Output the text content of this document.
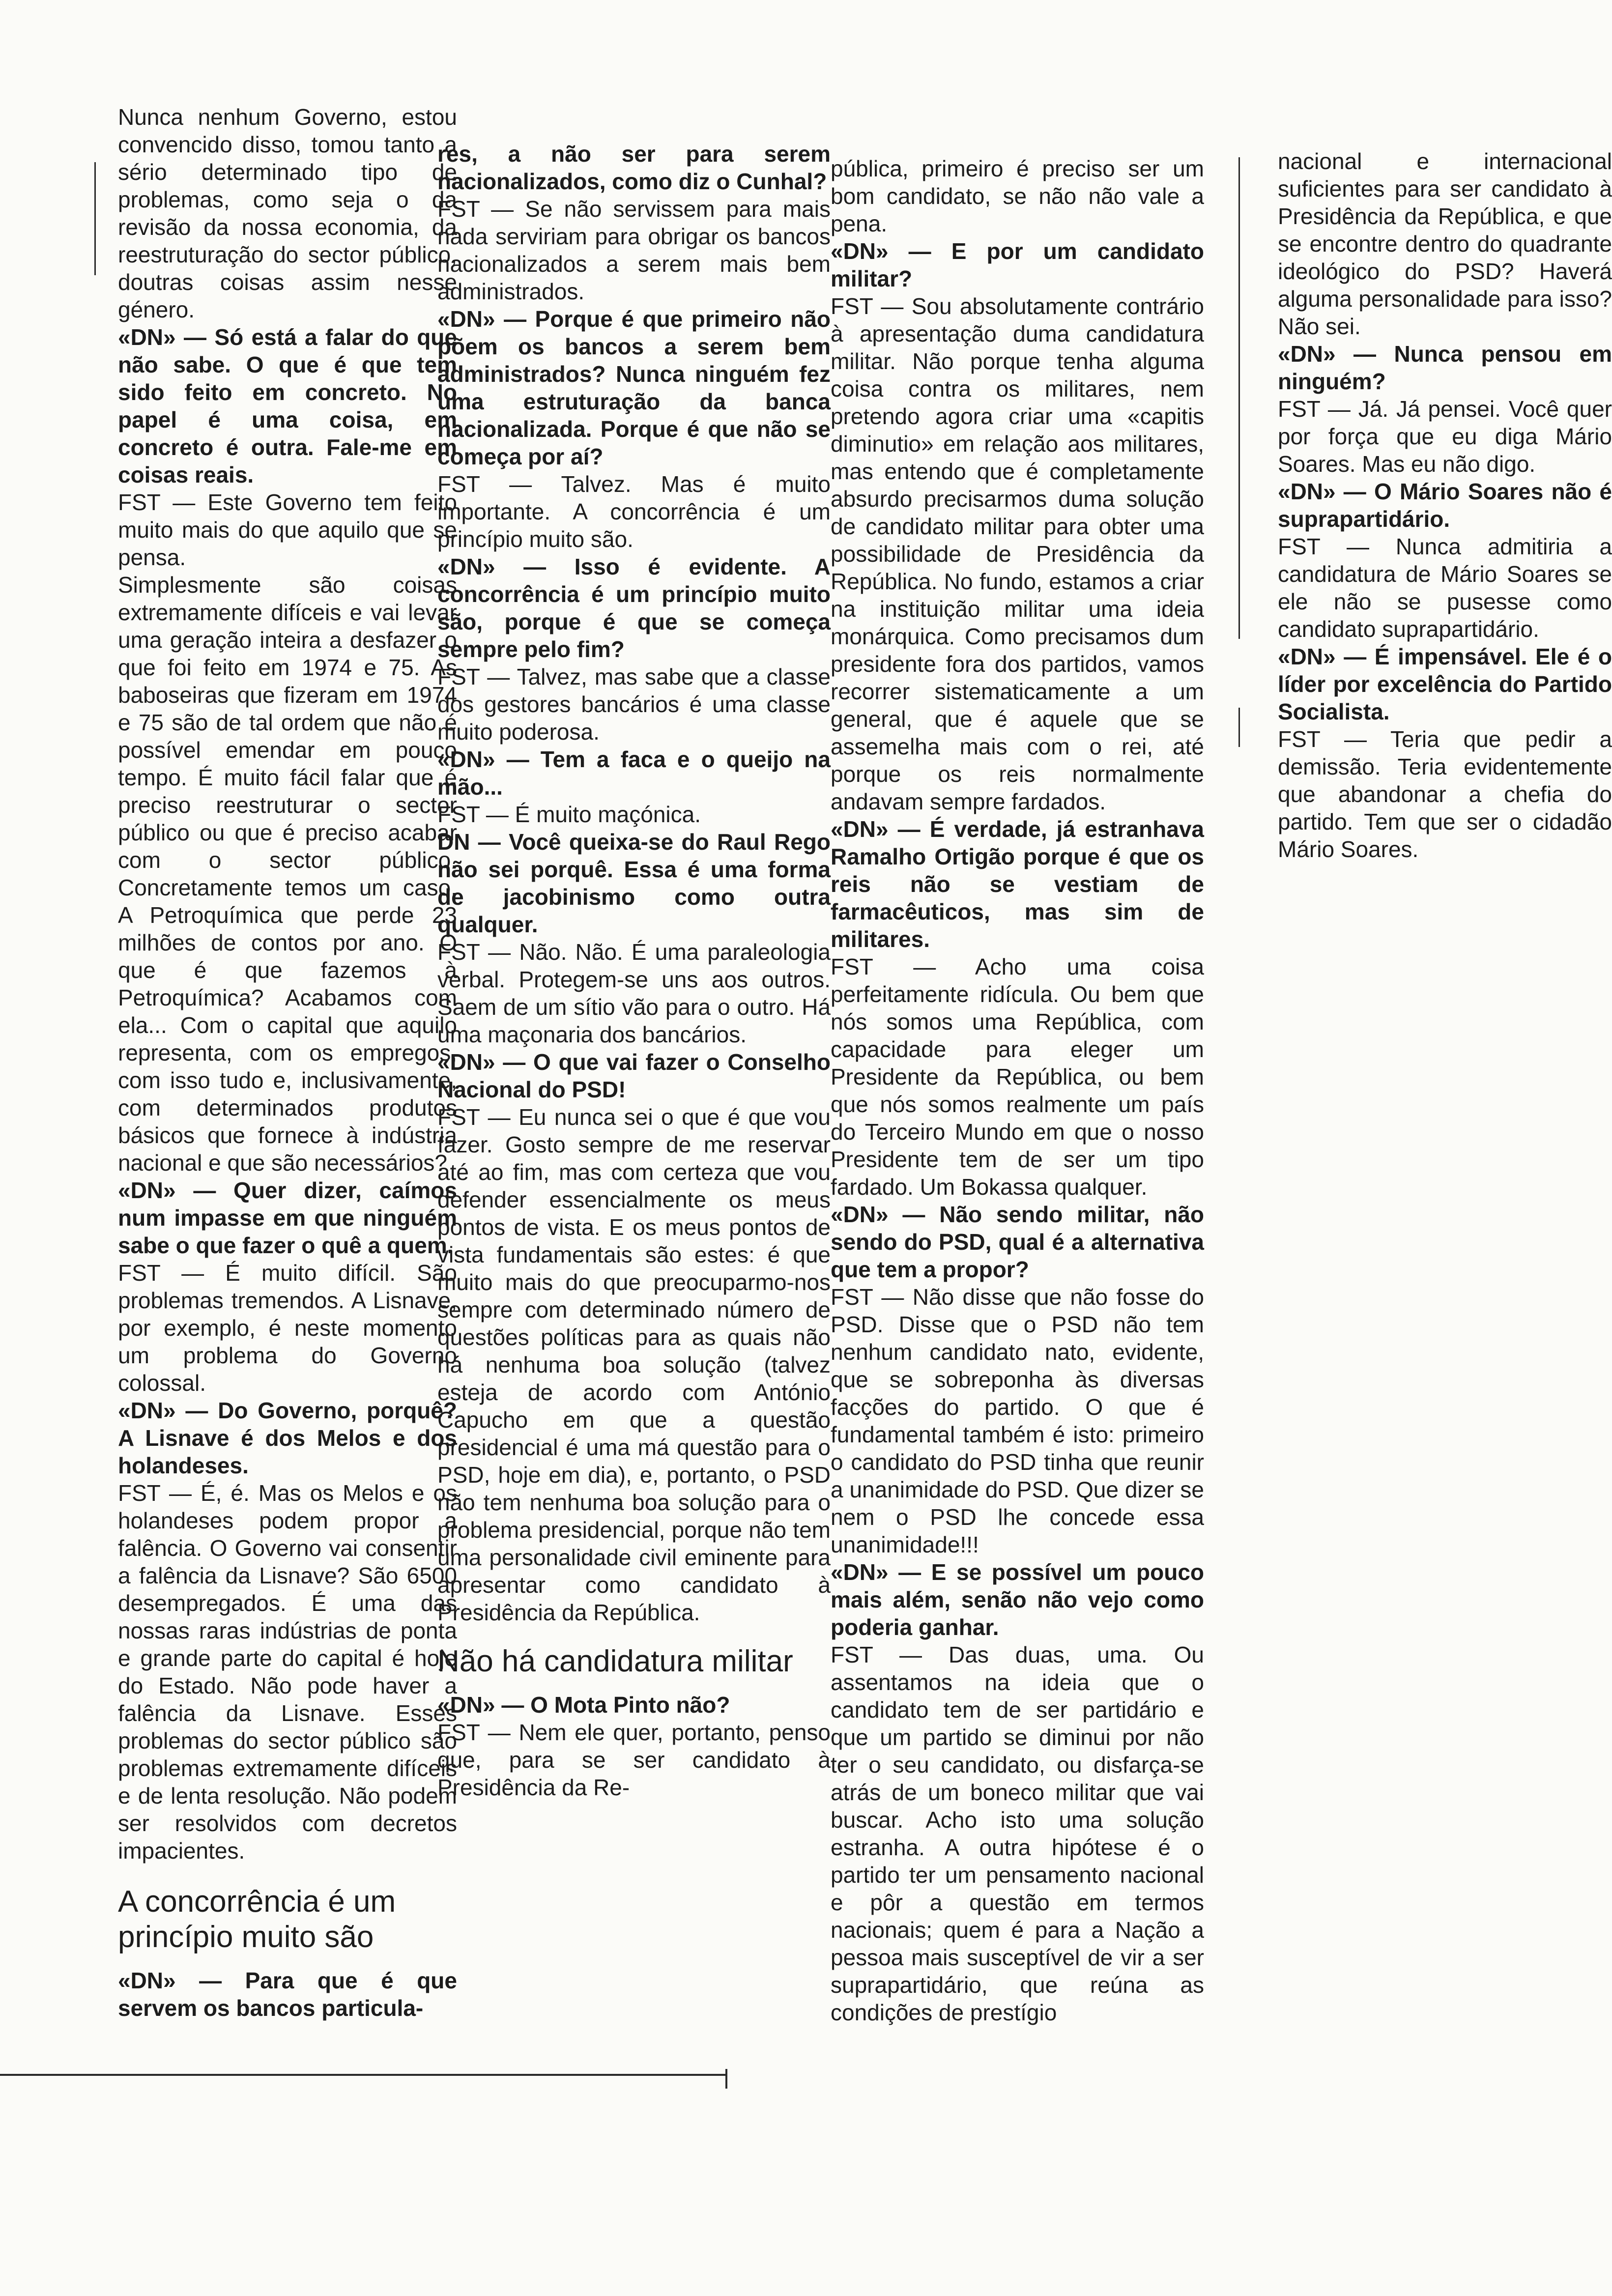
Nunca nenhum Governo, estou convencido disso, tomou tanto a sério determinado tipo de problemas, como seja o da revisão da nossa economia, da reestruturação do sector público, doutras coisas assim nesse género.

«DN» — Só está a falar do que não sabe. O que é que tem sido feito em concreto. No papel é uma coisa, em concreto é outra. Fale-me em coisas reais.

FST — Este Governo tem feito muito mais do que aquilo que se pensa.

Simplesmente são coisas extremamente difíceis e vai levar uma geração inteira a desfazer o que foi feito em 1974 e 75. As baboseiras que fizeram em 1974 e 75 são de tal ordem que não é possível emendar em pouco tempo. É muito fácil falar que é preciso reestruturar o sector público ou que é preciso acabar com o sector público. Concretamente temos um caso. A Petroquímica que perde 23 milhões de contos por ano. O que é que fazemos à Petroquímica? Acabamos com ela... Com o capital que aquilo representa, com os empregos, com isso tudo e, inclusivamente, com determinados produtos básicos que fornece à indústria nacional e que são necessários?

«DN» — Quer dizer, caímos num impasse em que ninguém sabe o que fazer o quê a quem.

FST — É muito difícil. São problemas tremendos. A Lisnave, por exemplo, é neste momento um problema do Governo colossal.

«DN» — Do Governo, porquê? A Lisnave é dos Melos e dos holandeses.

FST — É, é. Mas os Melos e os holandeses podem propor a falência. O Governo vai consentir a falência da Lisnave? São 6500 desempregados. É uma das nossas raras indústrias de ponta e grande parte do capital é hoje do Estado. Não pode haver a falência da Lisnave. Esses problemas do sector público são problemas extremamente difíceis e de lenta resolução. Não podem ser resolvidos com decretos impacientes.

A concorrência é um princípio muito são

«DN» — Para que é que servem os bancos particula-

res, a não ser para serem nacionalizados, como diz o Cunhal?

FST — Se não servissem para mais nada serviriam para obrigar os bancos nacionalizados a serem mais bem administrados.

«DN» — Porque é que primeiro não põem os bancos a serem bem administrados? Nunca ninguém fez uma estruturação da banca nacionalizada. Porque é que não se começa por aí?

FST — Talvez. Mas é muito importante. A concorrência é um princípio muito são.

«DN» — Isso é evidente. A concorrência é um princípio muito são, porque é que se começa sempre pelo fim?

FST — Talvez, mas sabe que a classe dos gestores bancários é uma classe muito poderosa.

«DN» — Tem a faca e o queijo na mão...

FST — É muito maçónica.

DN — Você queixa-se do Raul Rego não sei porquê. Essa é uma forma de jacobinismo como outra qualquer.

FST — Não. Não. É uma paraleologia verbal. Protegem-se uns aos outros. Saem de um sítio vão para o outro. Há uma maçonaria dos bancários.

«DN» — O que vai fazer o Conselho Nacional do PSD!

FST — Eu nunca sei o que é que vou fazer. Gosto sempre de me reservar até ao fim, mas com certeza que vou defender essencialmente os meus pontos de vista. E os meus pontos de vista fundamentais são estes: é que muito mais do que preocuparmo-nos sempre com determinado número de questões políticas para as quais não há nenhuma boa solução (talvez esteja de acordo com António Capucho em que a questão presidencial é uma má questão para o PSD, hoje em dia), e, portanto, o PSD não tem nenhuma boa solução para o problema presidencial, porque não tem uma personalidade civil eminente para apresentar como candidato à Presidência da República.

Não há candidatura militar

«DN» — O Mota Pinto não?

FST — Nem ele quer, portanto, penso que, para se ser candidato à Presidência da Re-

pública, primeiro é preciso ser um bom candidato, se não não vale a pena.

«DN» — E por um candidato militar?

FST — Sou absolutamente contrário à apresentação duma candidatura militar. Não porque tenha alguma coisa contra os militares, nem pretendo agora criar uma «capitis diminutio» em relação aos militares, mas entendo que é completamente absurdo precisarmos duma solução de candidato militar para obter uma possibilidade de Presidência da República. No fundo, estamos a criar na instituição militar uma ideia monárquica. Como precisamos dum presidente fora dos partidos, vamos recorrer sistematicamente a um general, que é aquele que se assemelha mais com o rei, até porque os reis normalmente andavam sempre fardados.

«DN» — É verdade, já estranhava Ramalho Ortigão porque é que os reis não se vestiam de farmacêuticos, mas sim de militares.

FST — Acho uma coisa perfeitamente ridícula. Ou bem que nós somos uma República, com capacidade para eleger um Presidente da República, ou bem que nós somos realmente um país do Terceiro Mundo em que o nosso Presidente tem de ser um tipo fardado. Um Bokassa qualquer.

«DN» — Não sendo militar, não sendo do PSD, qual é a alternativa que tem a propor?

FST — Não disse que não fosse do PSD. Disse que o PSD não tem nenhum candidato nato, evidente, que se sobreponha às diversas facções do partido. O que é fundamental também é isto: primeiro o candidato do PSD tinha que reunir a unanimidade do PSD. Que dizer se nem o PSD lhe concede essa unanimidade!!!

«DN» — E se possível um pouco mais além, senão não vejo como poderia ganhar.

FST — Das duas, uma. Ou assentamos na ideia que o candidato tem de ser partidário e que um partido se diminui por não ter o seu candidato, ou disfarça-se atrás de um boneco militar que vai buscar. Acho isto uma solução estranha. A outra hipótese é o partido ter um pensamento nacional e pôr a questão em termos nacionais; quem é para a Nação a pessoa mais susceptível de vir a ser suprapartidário, que reúna as condições de prestígio

nacional e internacional suficientes para ser candidato à Presidência da República, e que se encontre dentro do quadrante ideológico do PSD? Haverá alguma personalidade para isso? Não sei.

«DN» — Nunca pensou em ninguém?

FST — Já. Já pensei. Você quer por força que eu diga Mário Soares. Mas eu não digo.

«DN» — O Mário Soares não é suprapartidário.

FST — Nunca admitiria a candidatura de Mário Soares se ele não se pusesse como candidato suprapartidário.

«DN» — É impensável. Ele é o líder por excelência do Partido Socialista.

FST — Teria que pedir a demissão. Teria evidentemente que abandonar a chefia do partido. Tem que ser o cidadão Mário Soares.
